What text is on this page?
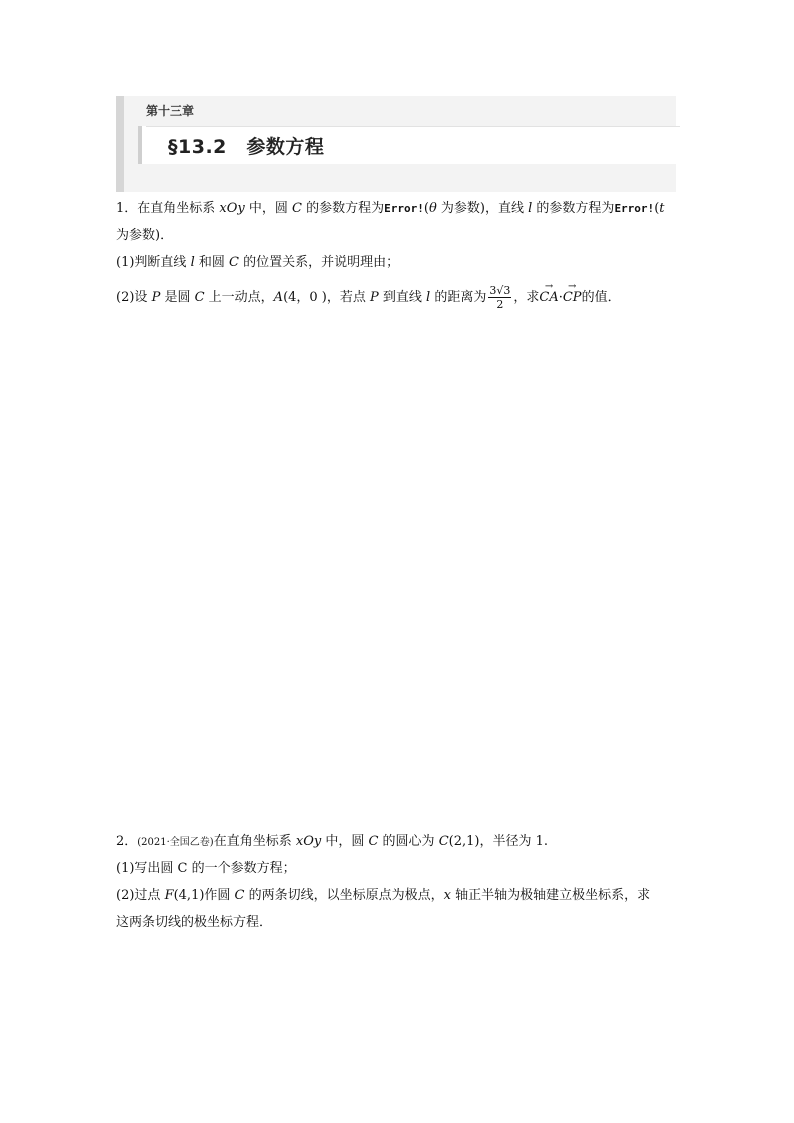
第十三章
§13.2　参数方程
1．在直角坐标系 xOy 中，圆 C 的参数方程为Error!(θ 为参数)，直线 l 的参数方程为Error!(t
为参数)．
(1)判断直线 l 和圆 C 的位置关系，并说明理由；
(2)设 P 是圆 C 上一动点，A(4，0 )，若点 P 到直线 l 的距离为 $\frac{3√3}{2}$ ，求→ CA·→ CP的值．
2．(2021·全国乙卷)在直角坐标系 xOy 中，圆 C 的圆心为 C(2,1)，半径为 1.
(1)写出圆 C 的一个参数方程；
(2)过点 F(4,1)作圆 C 的两条切线，以坐标原点为极点，x 轴正半轴为极轴建立极坐标系，求
这两条切线的极坐标方程．
